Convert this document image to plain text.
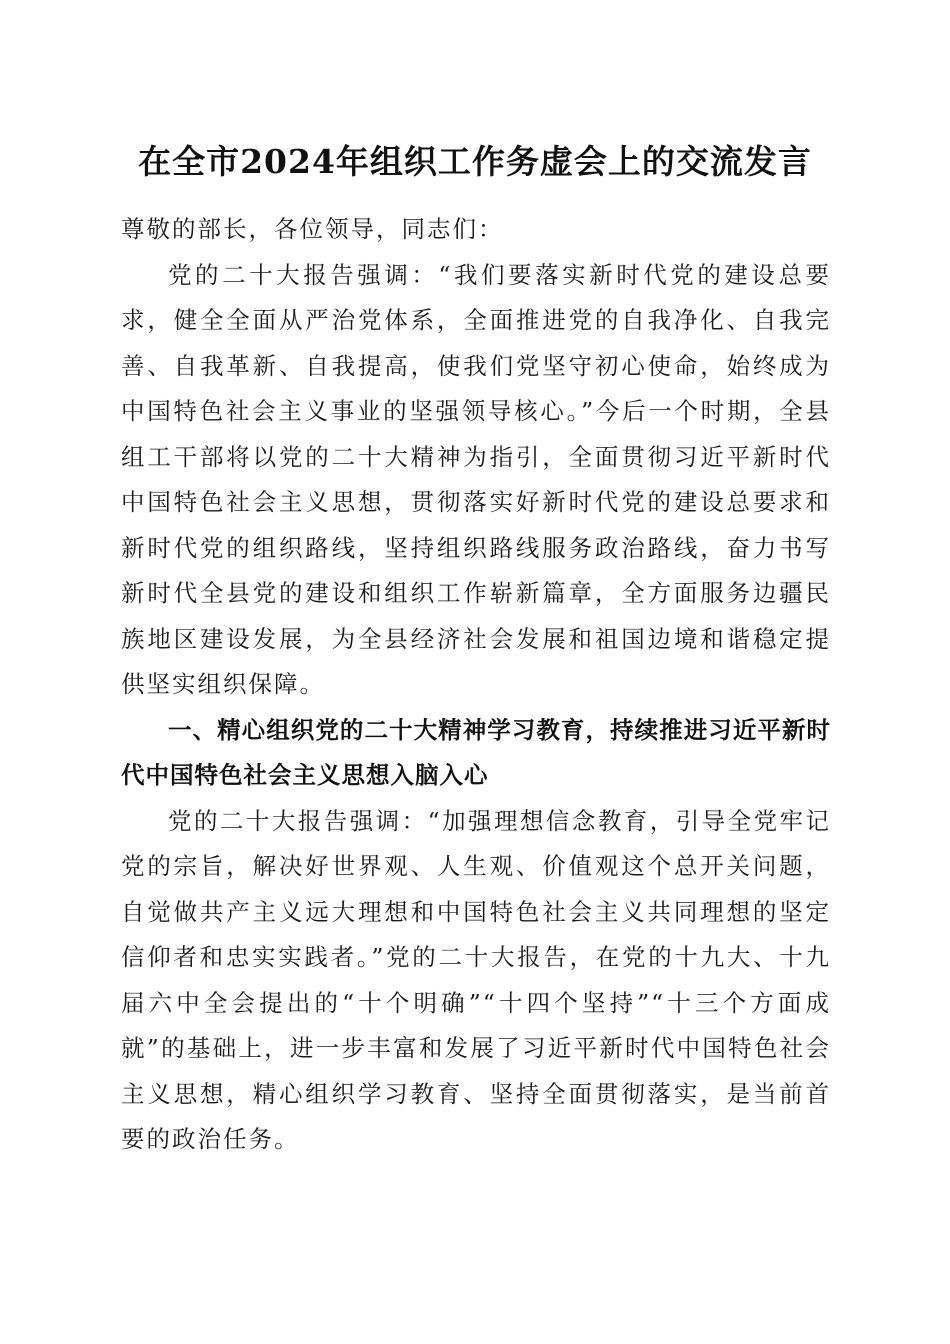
在全市2024年组织工作务虚会上的交流发言

尊敬的部长，各位领导，同志们：

党的二十大报告强调：“我们要落实新时代党的建设总要求，健全全面从严治党体系，全面推进党的自我净化、自我完善、自我革新、自我提高，使我们党坚守初心使命，始终成为中国特色社会主义事业的坚强领导核心。”今后一个时期，全县组工干部将以党的二十大精神为指引，全面贯彻习近平新时代中国特色社会主义思想，贯彻落实好新时代党的建设总要求和新时代党的组织路线，坚持组织路线服务政治路线，奋力书写新时代全县党的建设和组织工作崭新篇章，全方面服务边疆民族地区建设发展，为全县经济社会发展和祖国边境和谐稳定提供坚实组织保障。

一、精心组织党的二十大精神学习教育，持续推进习近平新时代中国特色社会主义思想入脑入心

党的二十大报告强调：“加强理想信念教育，引导全党牢记党的宗旨，解决好世界观、人生观、价值观这个总开关问题，自觉做共产主义远大理想和中国特色社会主义共同理想的坚定信仰者和忠实实践者。”党的二十大报告，在党的十九大、十九届六中全会提出的“十个明确”“十四个坚持”“十三个方面成就”的基础上，进一步丰富和发展了习近平新时代中国特色社会主义思想，精心组织学习教育、坚持全面贯彻落实，是当前首要的政治任务。
